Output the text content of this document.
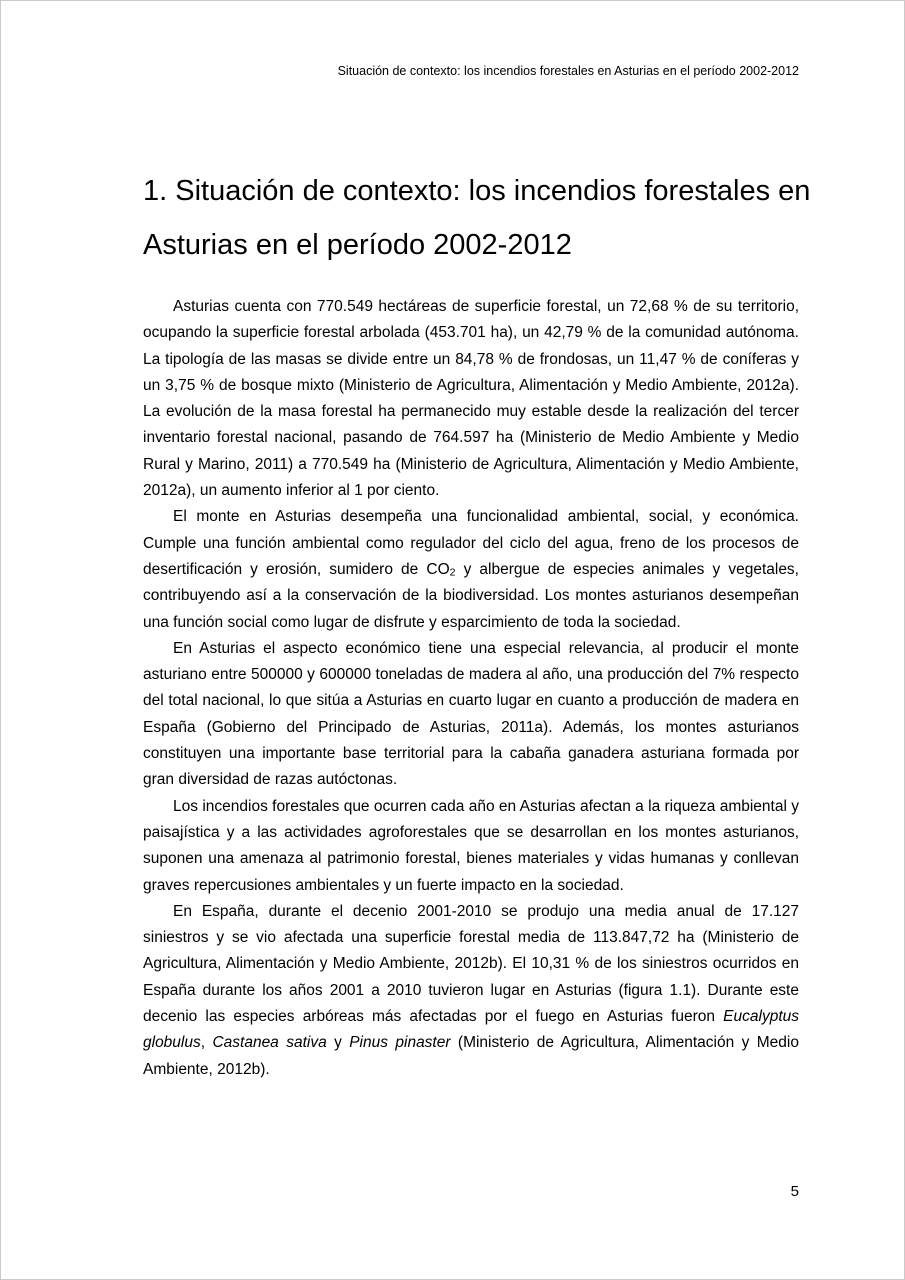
Situación de contexto: los incendios forestales en Asturias en el período 2002-2012
1. Situación de contexto: los incendios forestales en
Asturias en el período 2002-2012

Asturias cuenta con 770.549 hectáreas de superficie forestal, un 72,68 % de su territorio, ocupando la superficie forestal arbolada (453.701 ha), un 42,79 % de la comunidad autónoma. La tipología de las masas se divide entre un 84,78 % de frondosas, un 11,47 % de coníferas y un 3,75 % de bosque mixto (Ministerio de Agricultura, Alimentación y Medio Ambiente, 2012a). La evolución de la masa forestal ha permanecido muy estable desde la realización del tercer inventario forestal nacional, pasando de 764.597 ha (Ministerio de Medio Ambiente y Medio Rural y Marino, 2011) a 770.549 ha (Ministerio de Agricultura, Alimentación y Medio Ambiente, 2012a), un aumento inferior al 1 por ciento.

El monte en Asturias desempeña una funcionalidad ambiental, social, y económica. Cumple una función ambiental como regulador del ciclo del agua, freno de los procesos de desertificación y erosión, sumidero de $CO_2$ y albergue de especies animales y vegetales, contribuyendo así a la conservación de la biodiversidad. Los montes asturianos desempeñan una función social como lugar de disfrute y esparcimiento de toda la sociedad.

En Asturias el aspecto económico tiene una especial relevancia, al producir el monte asturiano entre 500000 y 600000 toneladas de madera al año, una producción del 7% respecto del total nacional, lo que sitúa a Asturias en cuarto lugar en cuanto a producción de madera en España (Gobierno del Principado de Asturias, 2011a). Además, los montes asturianos constituyen una importante base territorial para la cabaña ganadera asturiana formada por gran diversidad de razas autóctonas.

Los incendios forestales que ocurren cada año en Asturias afectan a la riqueza ambiental y paisajística y a las actividades agroforestales que se desarrollan en los montes asturianos, suponen una amenaza al patrimonio forestal, bienes materiales y vidas humanas y conllevan graves repercusiones ambientales y un fuerte impacto en la sociedad.

En España, durante el decenio 2001-2010 se produjo una media anual de 17.127 siniestros y se vio afectada una superficie forestal media de 113.847,72 ha (Ministerio de Agricultura, Alimentación y Medio Ambiente, 2012b). El 10,31 % de los siniestros ocurridos en España durante los años 2001 a 2010 tuvieron lugar en Asturias (figura 1.1). Durante este decenio las especies arbóreas más afectadas por el fuego en Asturias fueron Eucalyptus globulus, Castanea sativa y Pinus pinaster (Ministerio de Agricultura, Alimentación y Medio Ambiente, 2012b).

5
